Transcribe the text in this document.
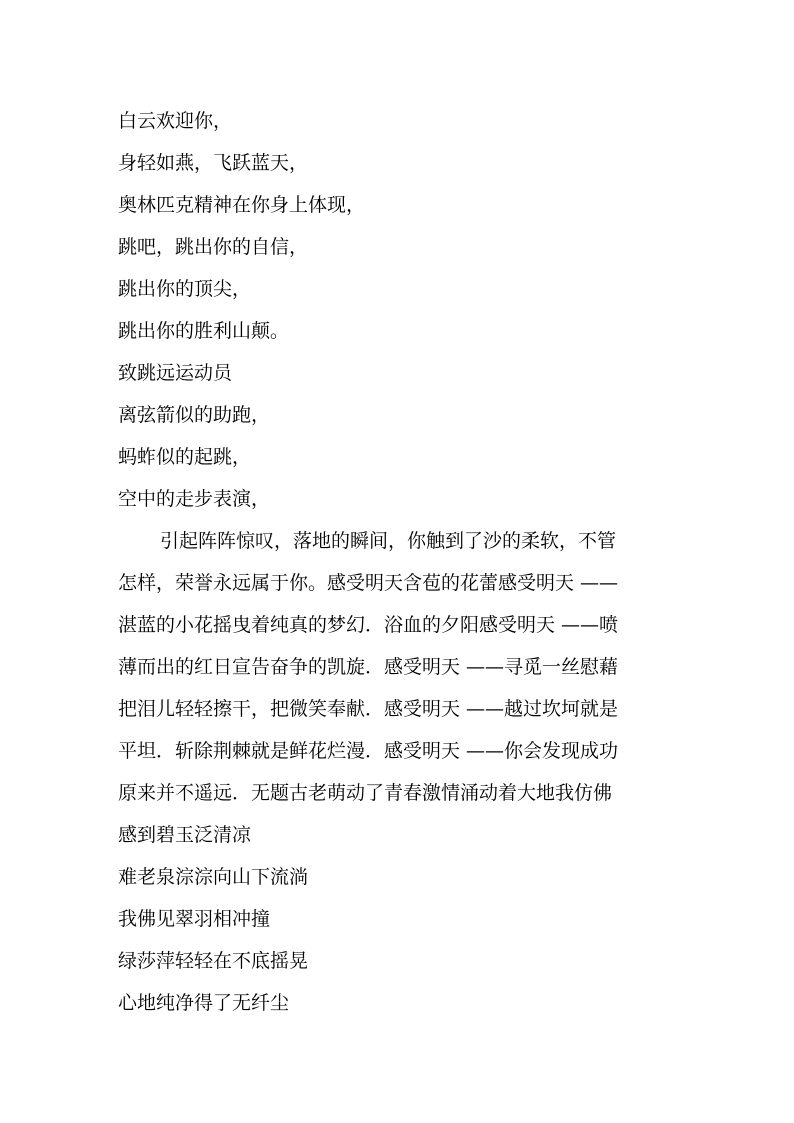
白云欢迎你，
身轻如燕，飞跃蓝天，
奥林匹克精神在你身上体现，
跳吧，跳出你的自信，
跳出你的顶尖，
跳出你的胜利山颠。
致跳远运动员
离弦箭似的助跑，
蚂蚱似的起跳，
空中的走步表演，
引起阵阵惊叹，落地的瞬间，你触到了沙的柔软，不管
怎样，荣誉永远属于你。感受明天含苞的花蕾感受明天 ——
湛蓝的小花摇曳着纯真的梦幻．浴血的夕阳感受明天 ——喷
薄而出的红日宣告奋争的凯旋．感受明天 ——寻觅一丝慰藉
把泪儿轻轻擦干，把微笑奉献．感受明天 ——越过坎坷就是
平坦．斩除荆棘就是鲜花烂漫．感受明天 ——你会发现成功
原来并不遥远．无题古老萌动了青春激情涌动着大地我仿佛
感到碧玉泛清凉
难老泉淙淙向山下流淌
我佛见翠羽相冲撞
绿莎萍轻轻在不底摇晃
心地纯净得了无纤尘
